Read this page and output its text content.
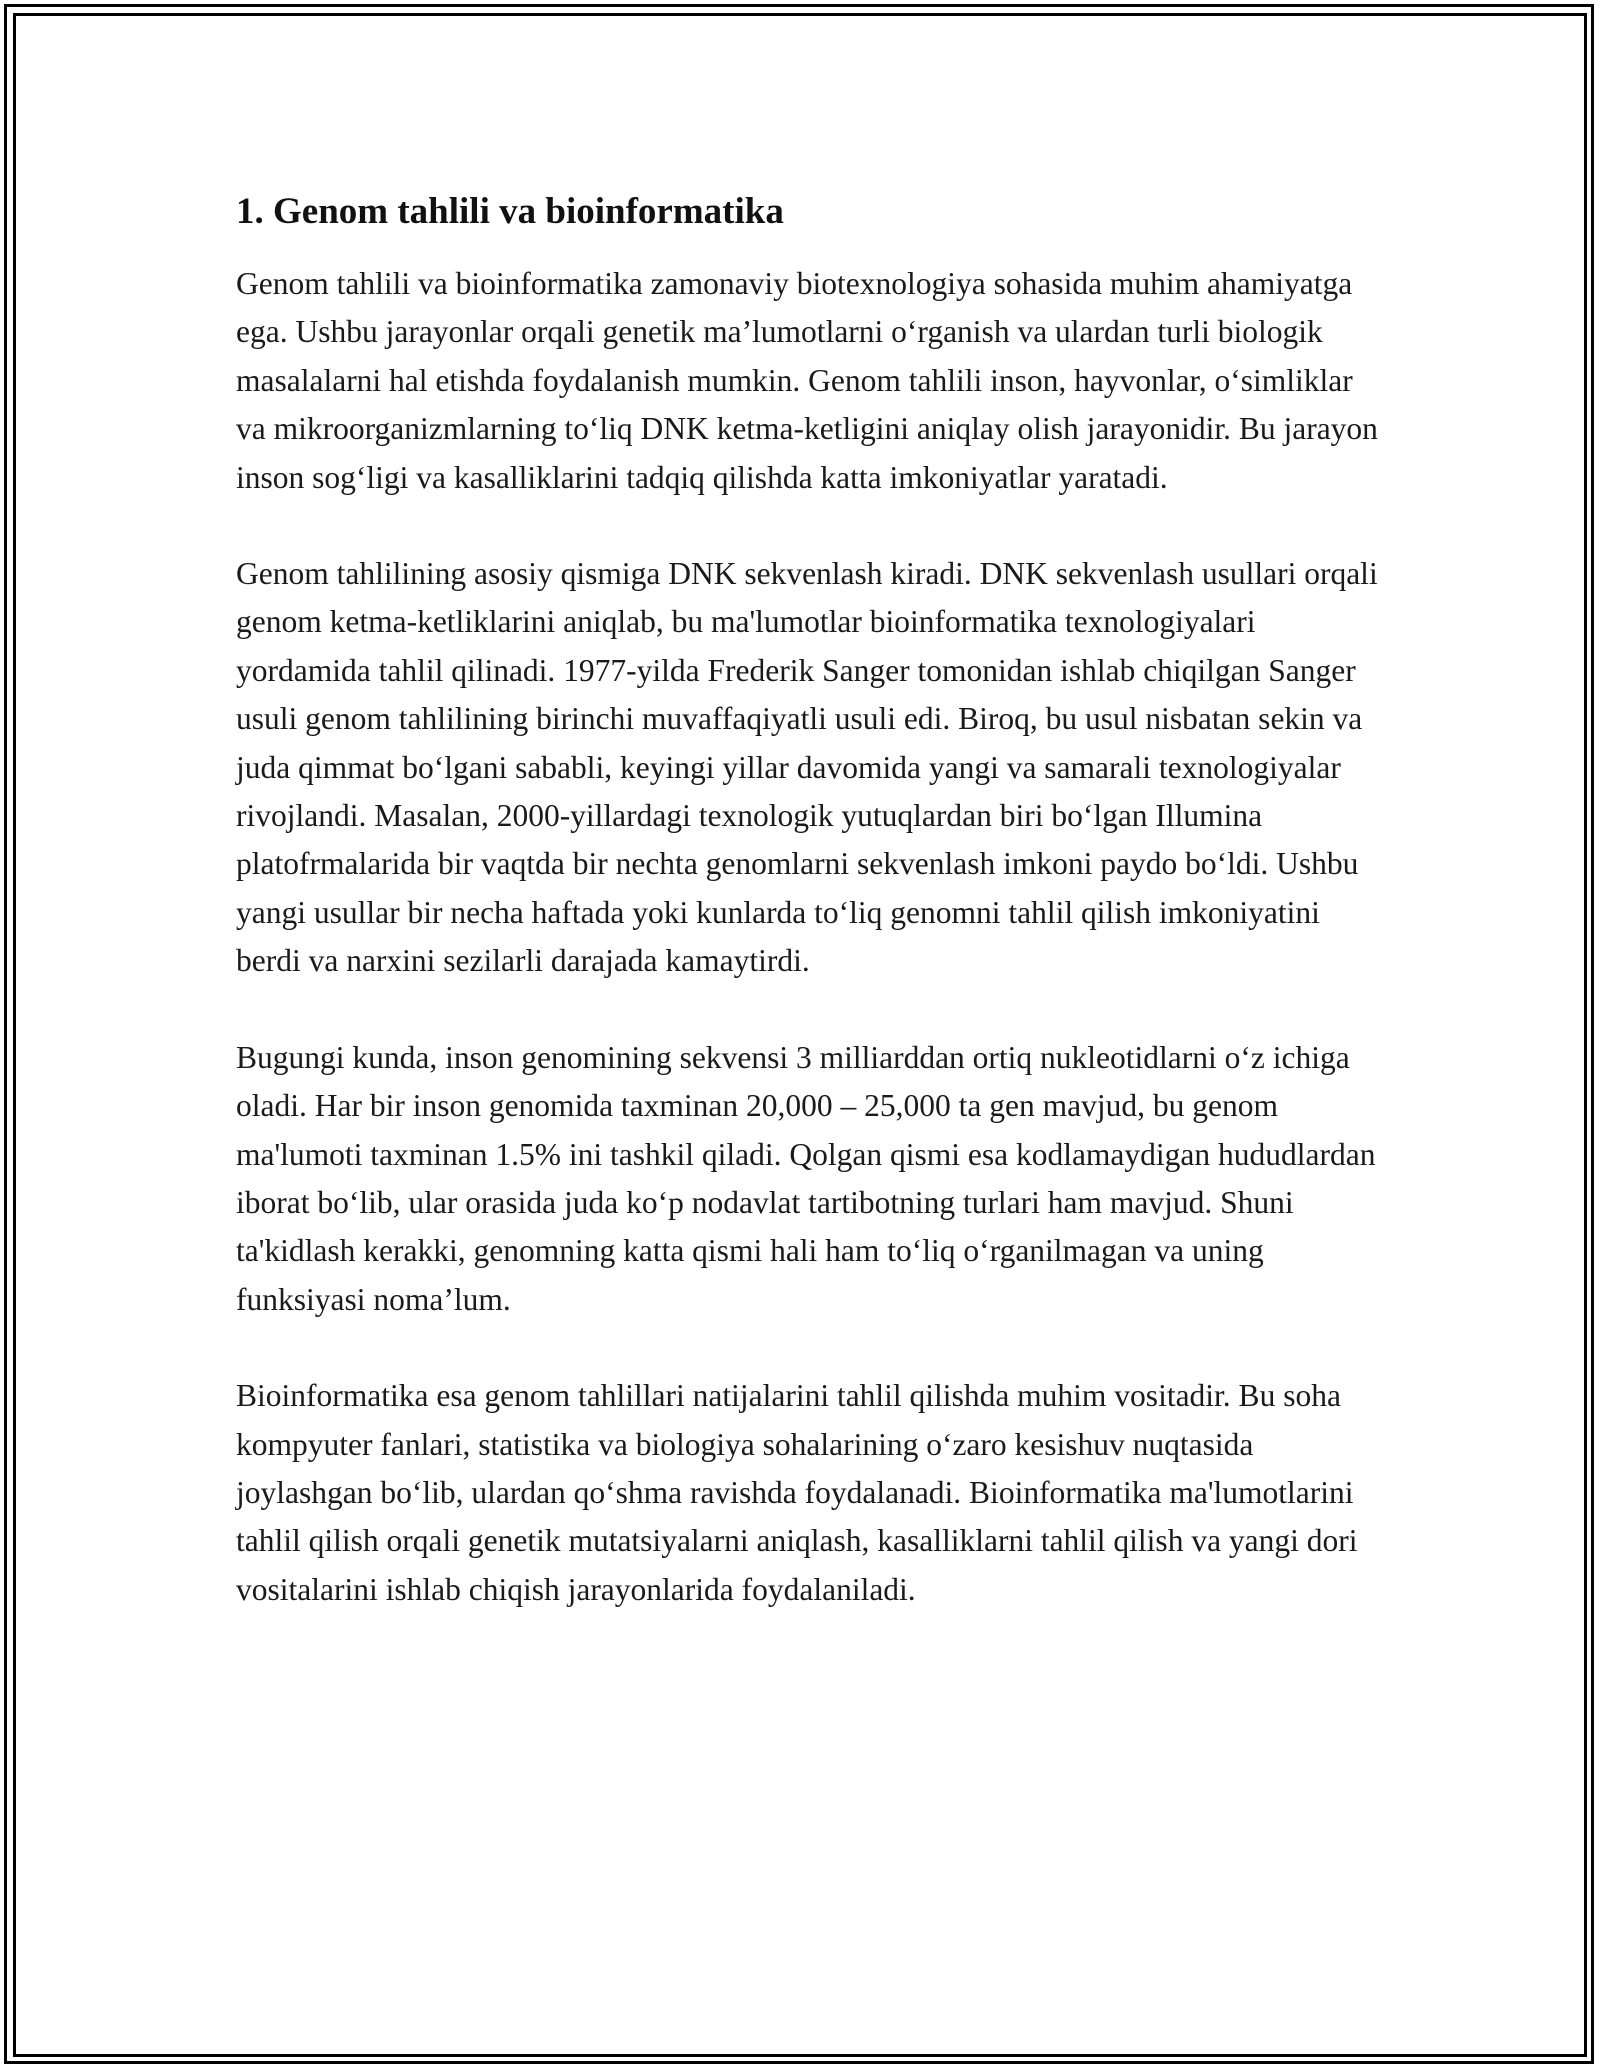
1. Genom tahlili va bioinformatika

Genom tahlili va bioinformatika zamonaviy biotexnologiya sohasida muhim ahamiyatga ega. Ushbu jarayonlar orqali genetik ma’lumotlarni o‘rganish va ulardan turli biologik masalalarni hal etishda foydalanish mumkin. Genom tahlili inson, hayvonlar, o‘simliklar va mikroorganizmlarning to‘liq DNK ketma-ketligini aniqlay olish jarayonidir. Bu jarayon inson sog‘ligi va kasalliklarini tadqiq qilishda katta imkoniyatlar yaratadi.

Genom tahlilining asosiy qismiga DNK sekvenlash kiradi. DNK sekvenlash usullari orqali genom ketma-ketliklarini aniqlab, bu ma'lumotlar bioinformatika texnologiyalari yordamida tahlil qilinadi. 1977-yilda Frederik Sanger tomonidan ishlab chiqilgan Sanger usuli genom tahlilining birinchi muvaffaqiyatli usuli edi. Biroq, bu usul nisbatan sekin va juda qimmat bo‘lgani sababli, keyingi yillar davomida yangi va samarali texnologiyalar rivojlandi. Masalan, 2000-yillardagi texnologik yutuqlardan biri bo‘lgan Illumina platofrmalarida bir vaqtda bir nechta genomlarni sekvenlash imkoni paydo bo‘ldi. Ushbu yangi usullar bir necha haftada yoki kunlarda to‘liq genomni tahlil qilish imkoniyatini berdi va narxini sezilarli darajada kamaytirdi.

Bugungi kunda, inson genomining sekvensi 3 milliarddan ortiq nukleotidlarni o‘z ichiga oladi. Har bir inson genomida taxminan 20,000 – 25,000 ta gen mavjud, bu genom ma'lumoti taxminan 1.5% ini tashkil qiladi. Qolgan qismi esa kodlamaydigan hududlardan iborat bo‘lib, ular orasida juda ko‘p nodavlat tartibotning turlari ham mavjud. Shuni ta'kidlash kerakki, genomning katta qismi hali ham to‘liq o‘rganilmagan va uning funksiyasi noma’lum.

Bioinformatika esa genom tahlillari natijalarini tahlil qilishda muhim vositadir. Bu soha kompyuter fanlari, statistika va biologiya sohalarining o‘zaro kesishuv nuqtasida joylashgan bo‘lib, ulardan qo‘shma ravishda foydalanadi. Bioinformatika ma'lumotlarini tahlil qilish orqali genetik mutatsiyalarni aniqlash, kasalliklarni tahlil qilish va yangi dori vositalarini ishlab chiqish jarayonlarida foydalaniladi.
